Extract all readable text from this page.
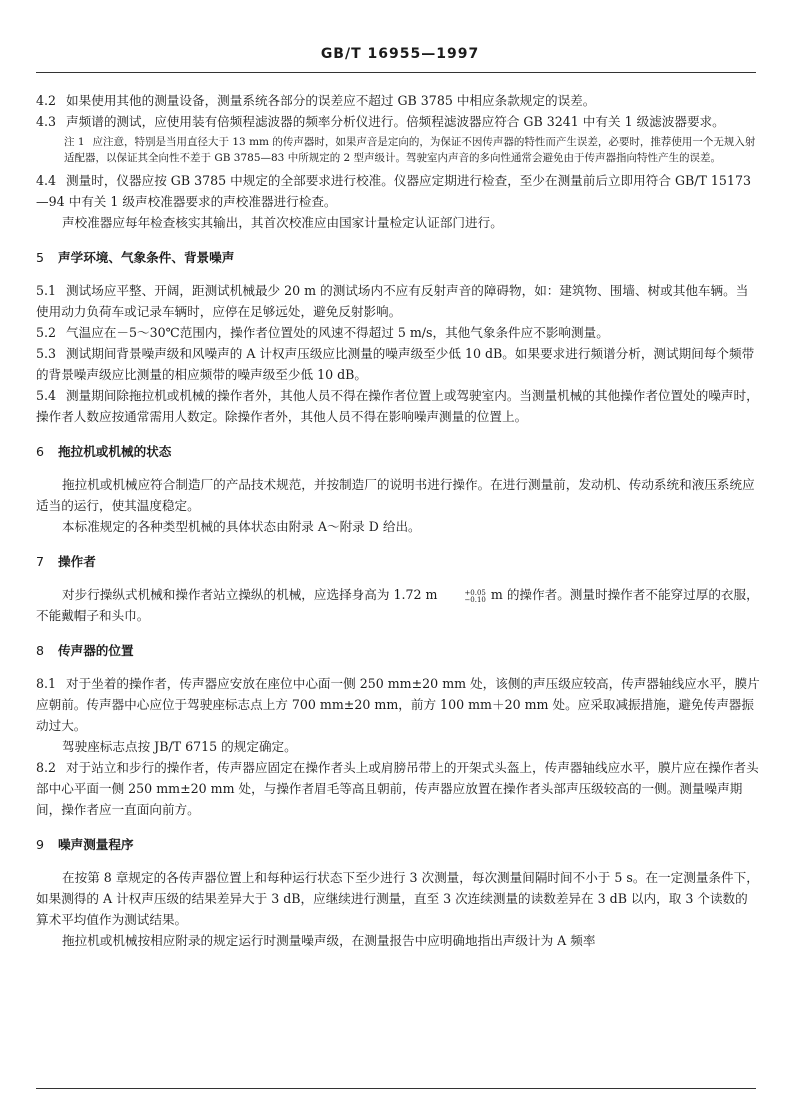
GB/T 16955—1997

4.2 如果使用其他的测量设备，测量系统各部分的误差应不超过 GB 3785 中相应条款规定的误差。

4.3 声频谱的测试，应使用装有倍频程滤波器的频率分析仪进行。倍频程滤波器应符合 GB 3241 中有关 1 级滤波器要求。

注 1 应注意，特别是当用直径大于 13 mm 的传声器时，如果声音是定向的，为保证不因传声器的特性而产生误差，必要时，推荐使用一个无规入射适配器，以保证其全向性不差于 GB 3785—83 中所规定的 2 型声级计。驾驶室内声音的多向性通常会避免由于传声器指向特性产生的误差。

4.4 测量时，仪器应按 GB 3785 中规定的全部要求进行校准。仪器应定期进行检查，至少在测量前后立即用符合 GB/T 15173—94 中有关 1 级声校准器要求的声校准器进行检查。

声校准器应每年检查核实其输出，其首次校准应由国家计量检定认证部门进行。

5 声学环境、气象条件、背景噪声

5.1 测试场应平整、开阔，距测试机械最少 20 m 的测试场内不应有反射声音的障碍物，如：建筑物、围墙、树或其他车辆。当使用动力负荷车或记录车辆时，应停在足够远处，避免反射影响。

5.2 气温应在－5～30℃范围内，操作者位置处的风速不得超过 5 m/s，其他气象条件应不影响测量。

5.3 测试期间背景噪声级和风噪声的 A 计权声压级应比测量的噪声级至少低 10 dB。如果要求进行频谱分析，测试期间每个频带的背景噪声级应比测量的相应频带的噪声级至少低 10 dB。

5.4 测量期间除拖拉机或机械的操作者外，其他人员不得在操作者位置上或驾驶室内。当测量机械的其他操作者位置处的噪声时，操作者人数应按通常需用人数定。除操作者外，其他人员不得在影响噪声测量的位置上。

6 拖拉机或机械的状态

拖拉机或机械应符合制造厂的产品技术规范，并按制造厂的说明书进行操作。在进行测量前，发动机、传动系统和液压系统应适当的运行，使其温度稳定。

本标准规定的各种类型机械的具体状态由附录 A～附录 D 给出。

7 操作者

对步行操纵式机械和操作者站立操纵的机械，应选择身高为 1.72 m	+0.05
−0.10 m 的操作者。测量时操作者不能穿过厚的衣服，不能戴帽子和头巾。

8 传声器的位置

8.1 对于坐着的操作者，传声器应安放在座位中心面一侧 250 mm±20 mm 处，该侧的声压级应较高，传声器轴线应水平，膜片应朝前。传声器中心应位于驾驶座标志点上方 700 mm±20 mm，前方 100 mm＋20 mm 处。应采取减振措施，避免传声器振动过大。

驾驶座标志点按 JB/T 6715 的规定确定。

8.2 对于站立和步行的操作者，传声器应固定在操作者头上或肩膀吊带上的开架式头盔上，传声器轴线应水平，膜片应在操作者头部中心平面一侧 250 mm±20 mm 处，与操作者眉毛等高且朝前，传声器应放置在操作者头部声压级较高的一侧。测量噪声期间，操作者应一直面向前方。

9 噪声测量程序

在按第 8 章规定的各传声器位置上和每种运行状态下至少进行 3 次测量，每次测量间隔时间不小于 5 s。在一定测量条件下，如果测得的 A 计权声压级的结果差异大于 3 dB，应继续进行测量，直至 3 次连续测量的读数差异在 3 dB 以内，取 3 个读数的算术平均值作为测试结果。

拖拉机或机械按相应附录的规定运行时测量噪声级，在测量报告中应明确地指出声级计为 A 频率
